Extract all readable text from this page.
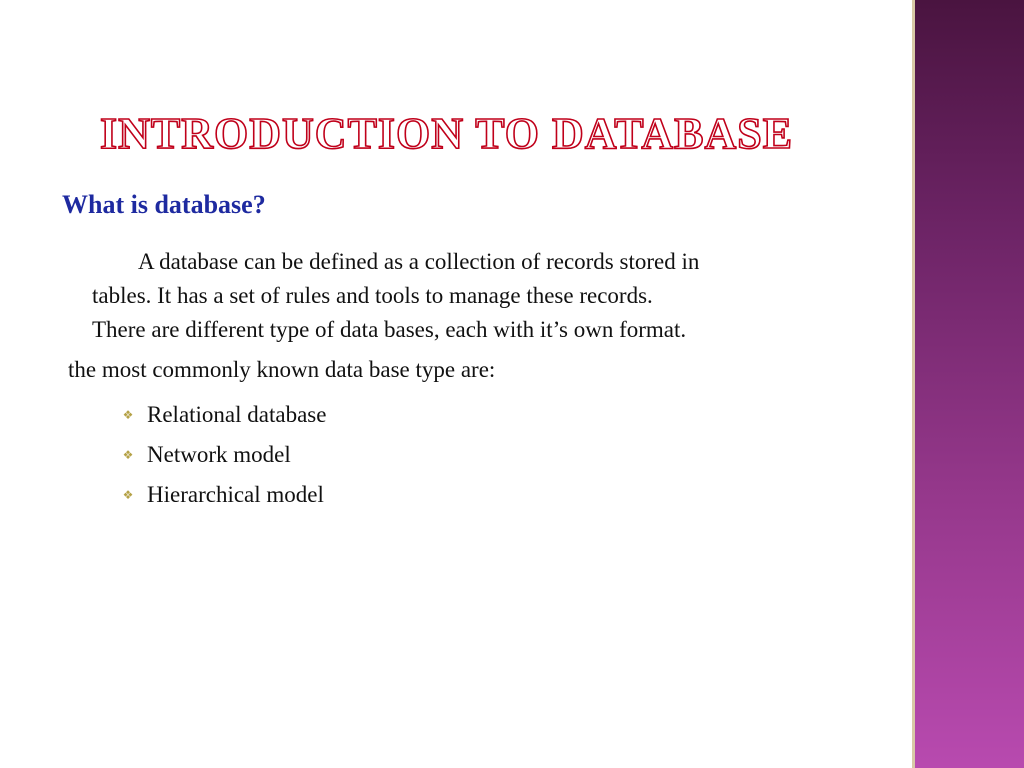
INTRODUCTION TO DATABASE
What is database?

A database can be defined as a collection of records stored in
tables. It has a set of rules and tools to manage these records.
There are different type of data bases, each with it’s own format.

the most commonly known data base type are:

❖ Relational database
❖ Network model
❖ Hierarchical model
